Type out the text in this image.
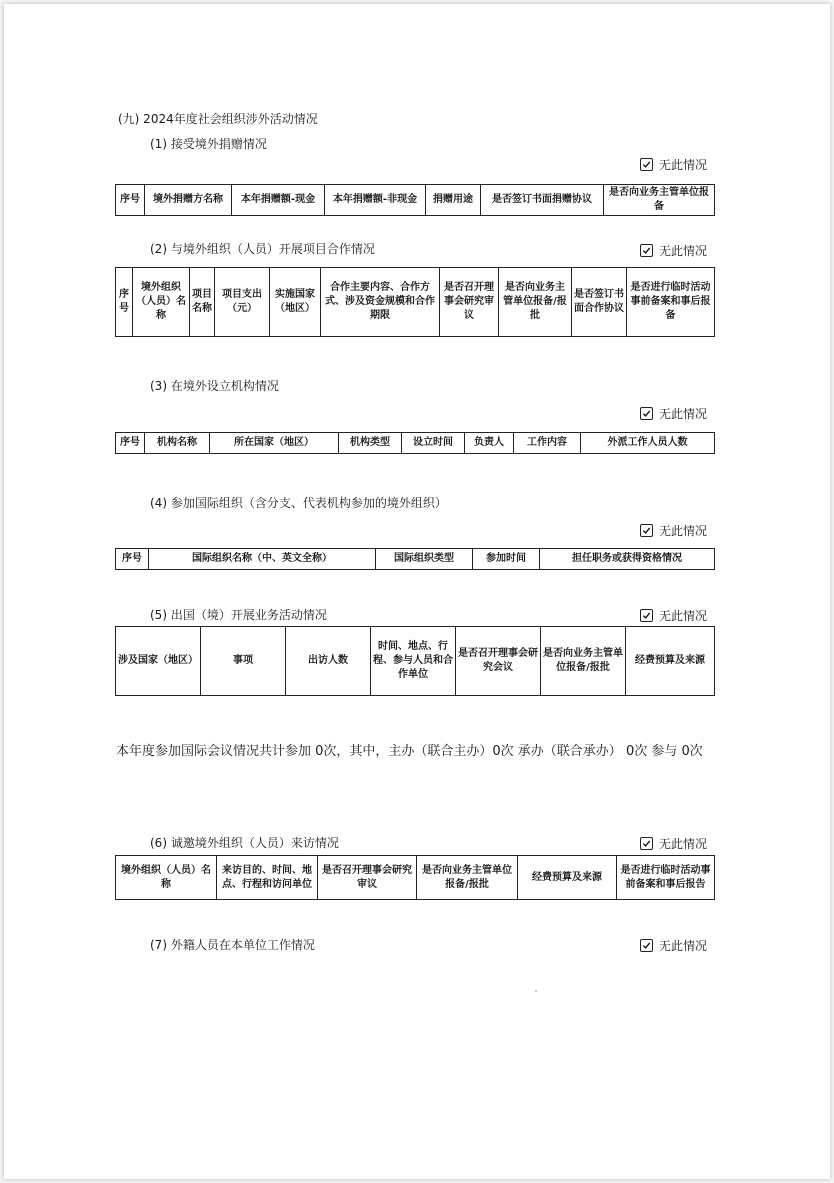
(九) 2024年度社会组织涉外活动情况
(1) 接受境外捐赠情况
无此情况
序号	境外捐赠方名称	本年捐赠额-现金	本年捐赠额-非现金	捐赠用途	是否签订书面捐赠协议	是否向业务主管单位报备
(2) 与境外组织（人员）开展项目合作情况	无此情况
序号	境外组织（人员）名称	项目名称	项目支出（元）	实施国家（地区）	合作主要内容、合作方式、涉及资金规模和合作期限	是否召开理事会研究审议	是否向业务主管单位报备/报批	是否签订书面合作协议	是否进行临时活动事前备案和事后报备
(3) 在境外设立机构情况
无此情况
序号	机构名称	所在国家（地区）	机构类型	设立时间	负责人	工作内容	外派工作人员人数
(4) 参加国际组织（含分支、代表机构参加的境外组织）
无此情况
序号	国际组织名称（中、英文全称）	国际组织类型	参加时间	担任职务或获得资格情况
(5) 出国（境）开展业务活动情况	无此情况
涉及国家（地区）	事项	出访人数	时间、地点、行程、参与人员和合作单位	是否召开理事会研究会议	是否向业务主管单位报备/报批	经费预算及来源
本年度参加国际会议情况共计参加 0次，其中，主办（联合主办）0次 承办（联合承办） 0次 参与 0次
(6) 诚邀境外组织（人员）来访情况	无此情况
境外组织（人员）名称	来访目的、时间、地点、行程和访问单位	是否召开理事会研究审议	是否向业务主管单位报备/报批	经费预算及来源	是否进行临时活动事前备案和事后报告
(7) 外籍人员在本单位工作情况	无此情况
